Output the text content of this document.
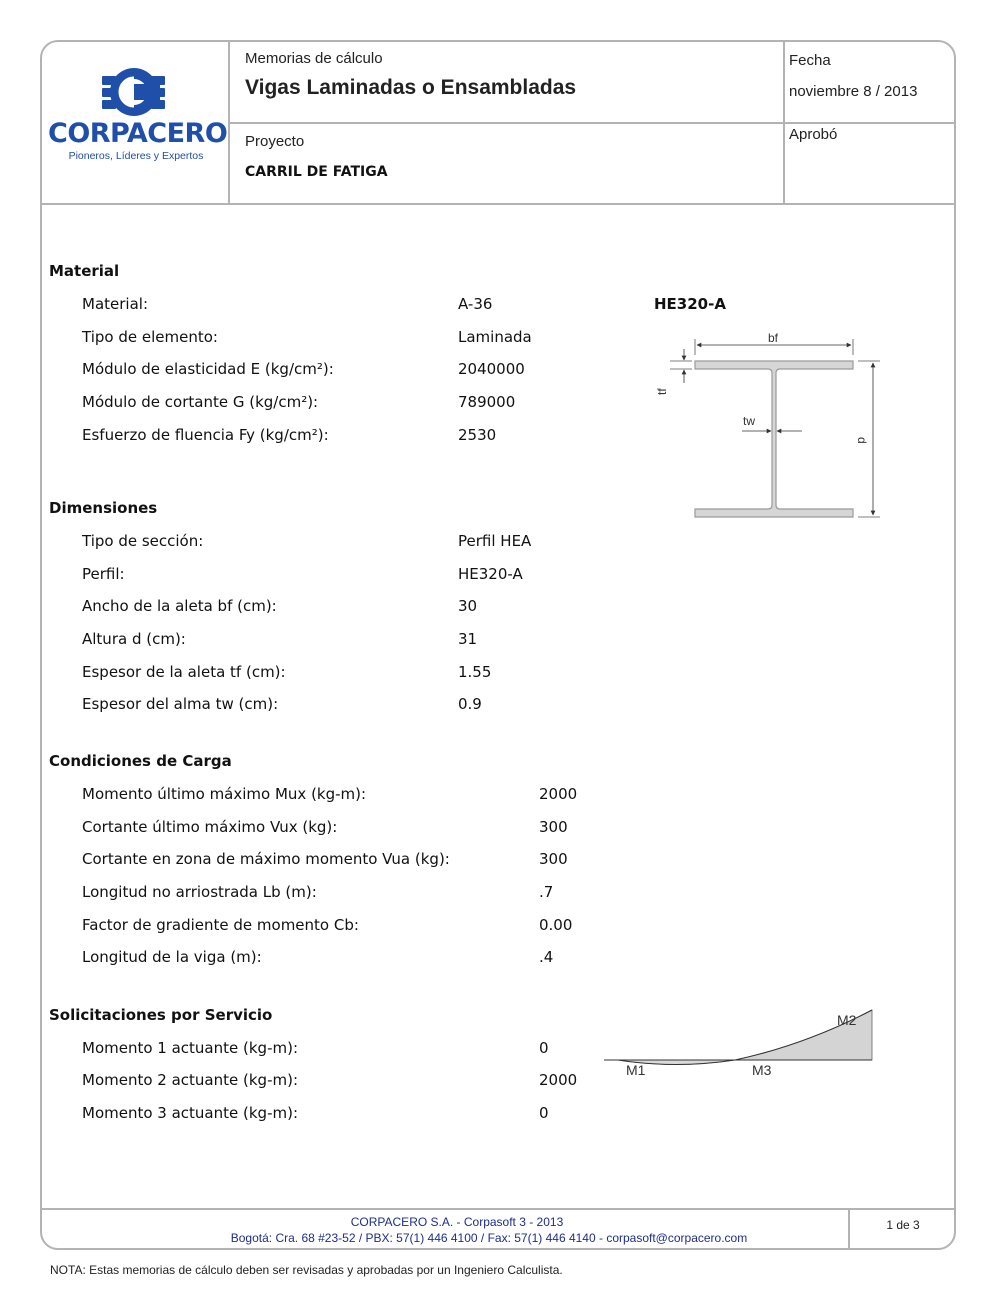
CORPACERO
Pioneros, Líderes y Expertos
Memorias de cálculo
Vigas Laminadas o Ensambladas
Fecha
noviembre 8 / 2013
Proyecto
CARRIL DE FATIGA
Aprobó
Material
Material:	A-36
Tipo de elemento:	Laminada
Módulo de elasticidad E (kg/cm²):	2040000
Módulo de cortante G (kg/cm²):	789000
Esfuerzo de fluencia Fy (kg/cm²):	2530
HE320-A
bf
d
tf
tw
Dimensiones
Tipo de sección:	Perfil HEA
Perfil:	HE320-A
Ancho de la aleta bf (cm):	30
Altura d (cm):	31
Espesor de la aleta tf (cm):	1.55
Espesor del alma tw (cm):	0.9
Condiciones de Carga
Momento último máximo Mux (kg-m):	2000
Cortante último máximo Vux (kg):	300
Cortante en zona de máximo momento Vua (kg):	300
Longitud no arriostrada Lb (m):	.7
Factor de gradiente de momento Cb:	0.00
Longitud de la viga (m):	.4
Solicitaciones por Servicio
Momento 1 actuante (kg-m):	0
Momento 2 actuante (kg-m):	2000
Momento 3 actuante (kg-m):	0
M1
M2
M3
CORPACERO S.A. - Corpasoft 3 - 2013
Bogotá: Cra. 68 #23-52 / PBX: 57(1) 446 4100 / Fax: 57(1) 446 4140 - corpasoft@corpacero.com
1 de 3
NOTA: Estas memorias de cálculo deben ser revisadas y aprobadas por un Ingeniero Calculista.
